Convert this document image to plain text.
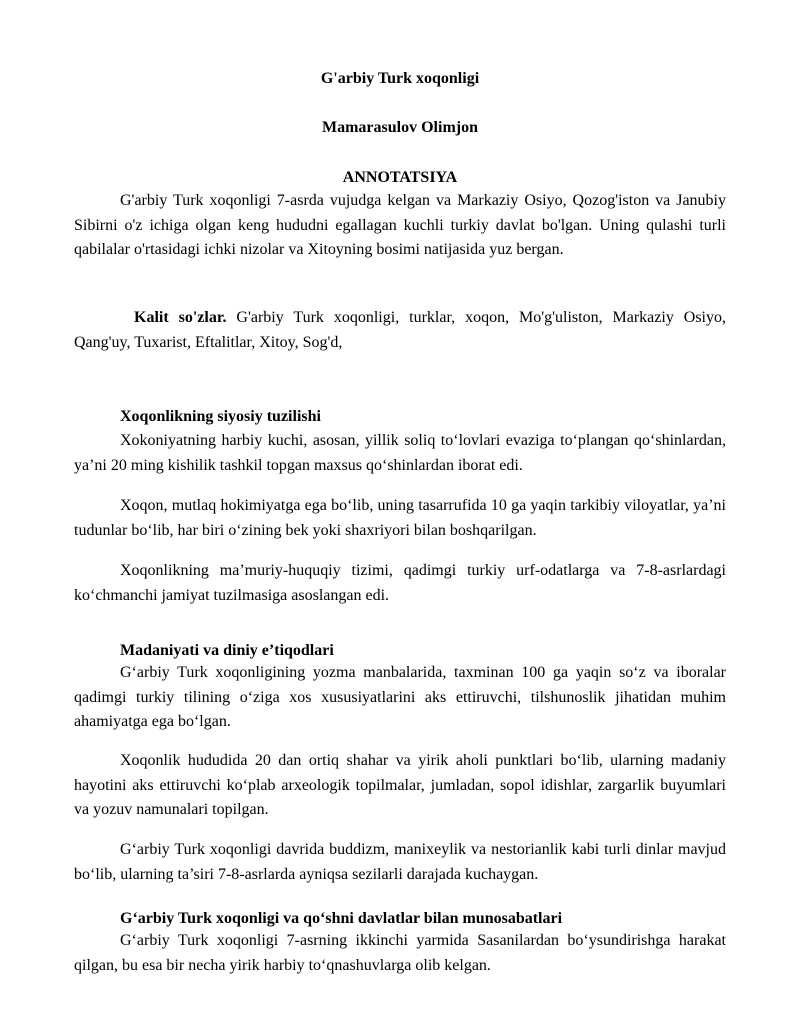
G'arbiy Turk xoqonligi
Mamarasulov Olimjon
ANNOTATSIYA

G'arbiy Turk xoqonligi 7-asrda vujudga kelgan va Markaziy Osiyo, Qozog'iston va Janubiy Sibirni o'z ichiga olgan keng hududni egallagan kuchli turkiy davlat bo'lgan. Uning qulashi turli qabilalar o'rtasidagi ichki nizolar va Xitoyning bosimi natijasida yuz bergan.

Kalit so'zlar. G'arbiy Turk xoqonligi, turklar, xoqon, Mo'g'uliston, Markaziy Osiyo, Qang'uy, Tuxarist, Eftalitlar, Xitoy, Sog'd,

Xoqonlikning siyosiy tuzilishi

Xokoniyatning harbiy kuchi, asosan, yillik soliq to‘lovlari evaziga to‘plangan qo‘shinlardan, ya’ni 20 ming kishilik tashkil topgan maxsus qo‘shinlardan iborat edi.

Xoqon, mutlaq hokimiyatga ega bo‘lib, uning tasarrufida 10 ga yaqin tarkibiy viloyatlar, ya’ni tudunlar bo‘lib, har biri o‘zining bek yoki shaxriyori bilan boshqarilgan.

Xoqonlikning ma’muriy-huquqiy tizimi, qadimgi turkiy urf-odatlarga va 7-8-asrlardagi ko‘chmanchi jamiyat tuzilmasiga asoslangan edi.

Madaniyati va diniy e’tiqodlari

G‘arbiy Turk xoqonligining yozma manbalarida, taxminan 100 ga yaqin so‘z va iboralar qadimgi turkiy tilining o‘ziga xos xususiyatlarini aks ettiruvchi, tilshunoslik jihatidan muhim ahamiyatga ega bo‘lgan.

Xoqonlik hududida 20 dan ortiq shahar va yirik aholi punktlari bo‘lib, ularning madaniy hayotini aks ettiruvchi ko‘plab arxeologik topilmalar, jumladan, sopol idishlar, zargarlik buyumlari va yozuv namunalari topilgan.

G‘arbiy Turk xoqonligi davrida buddizm, manixeylik va nestorianlik kabi turli dinlar mavjud bo‘lib, ularning ta’siri 7-8-asrlarda ayniqsa sezilarli darajada kuchaygan.

G‘arbiy Turk xoqonligi va qo‘shni davlatlar bilan munosabatlari

G‘arbiy Turk xoqonligi 7-asrning ikkinchi yarmida Sasanilardan bo‘ysundirishga harakat qilgan, bu esa bir necha yirik harbiy to‘qnashuvlarga olib kelgan.
